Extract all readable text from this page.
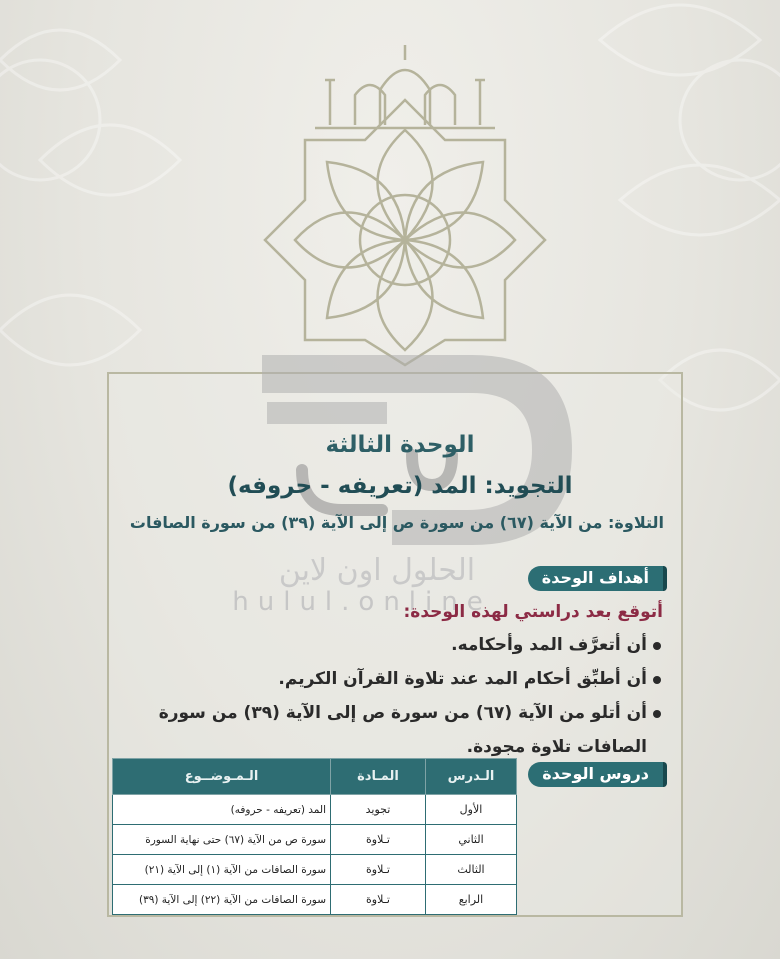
الحلول اون لاين
hulul.online
الوحدة الثالثة
التجويد: المد (تعريفه - حروفه)
التلاوة: من الآية (٦٧) من سورة ص إلى الآية (٣٩) من سورة الصافات
أهداف الوحدة
أتوقع بعد دراستي لهذه الوحدة:
أن أتعرَّف المد وأحكامه.
أن أطبِّق أحكام المد عند تلاوة القرآن الكريم.
أن أتلو من الآية (٦٧) من سورة ص إلى الآية (٣٩) من سورة الصافات تلاوة مجودة.
دروس الوحدة
الـدرس	المـادة	الـمـوضــوع
الأول	تجويد	المد (تعريفه - حروفه)
الثاني	تـلاوة	سورة ص من الآية (٦٧) حتى نهاية السورة
الثالث	تـلاوة	سورة الصافات من الآية (١) إلى الآية (٢١)
الرابع	تـلاوة	سورة الصافات من الآية (٢٢) إلى الآية (٣٩)
